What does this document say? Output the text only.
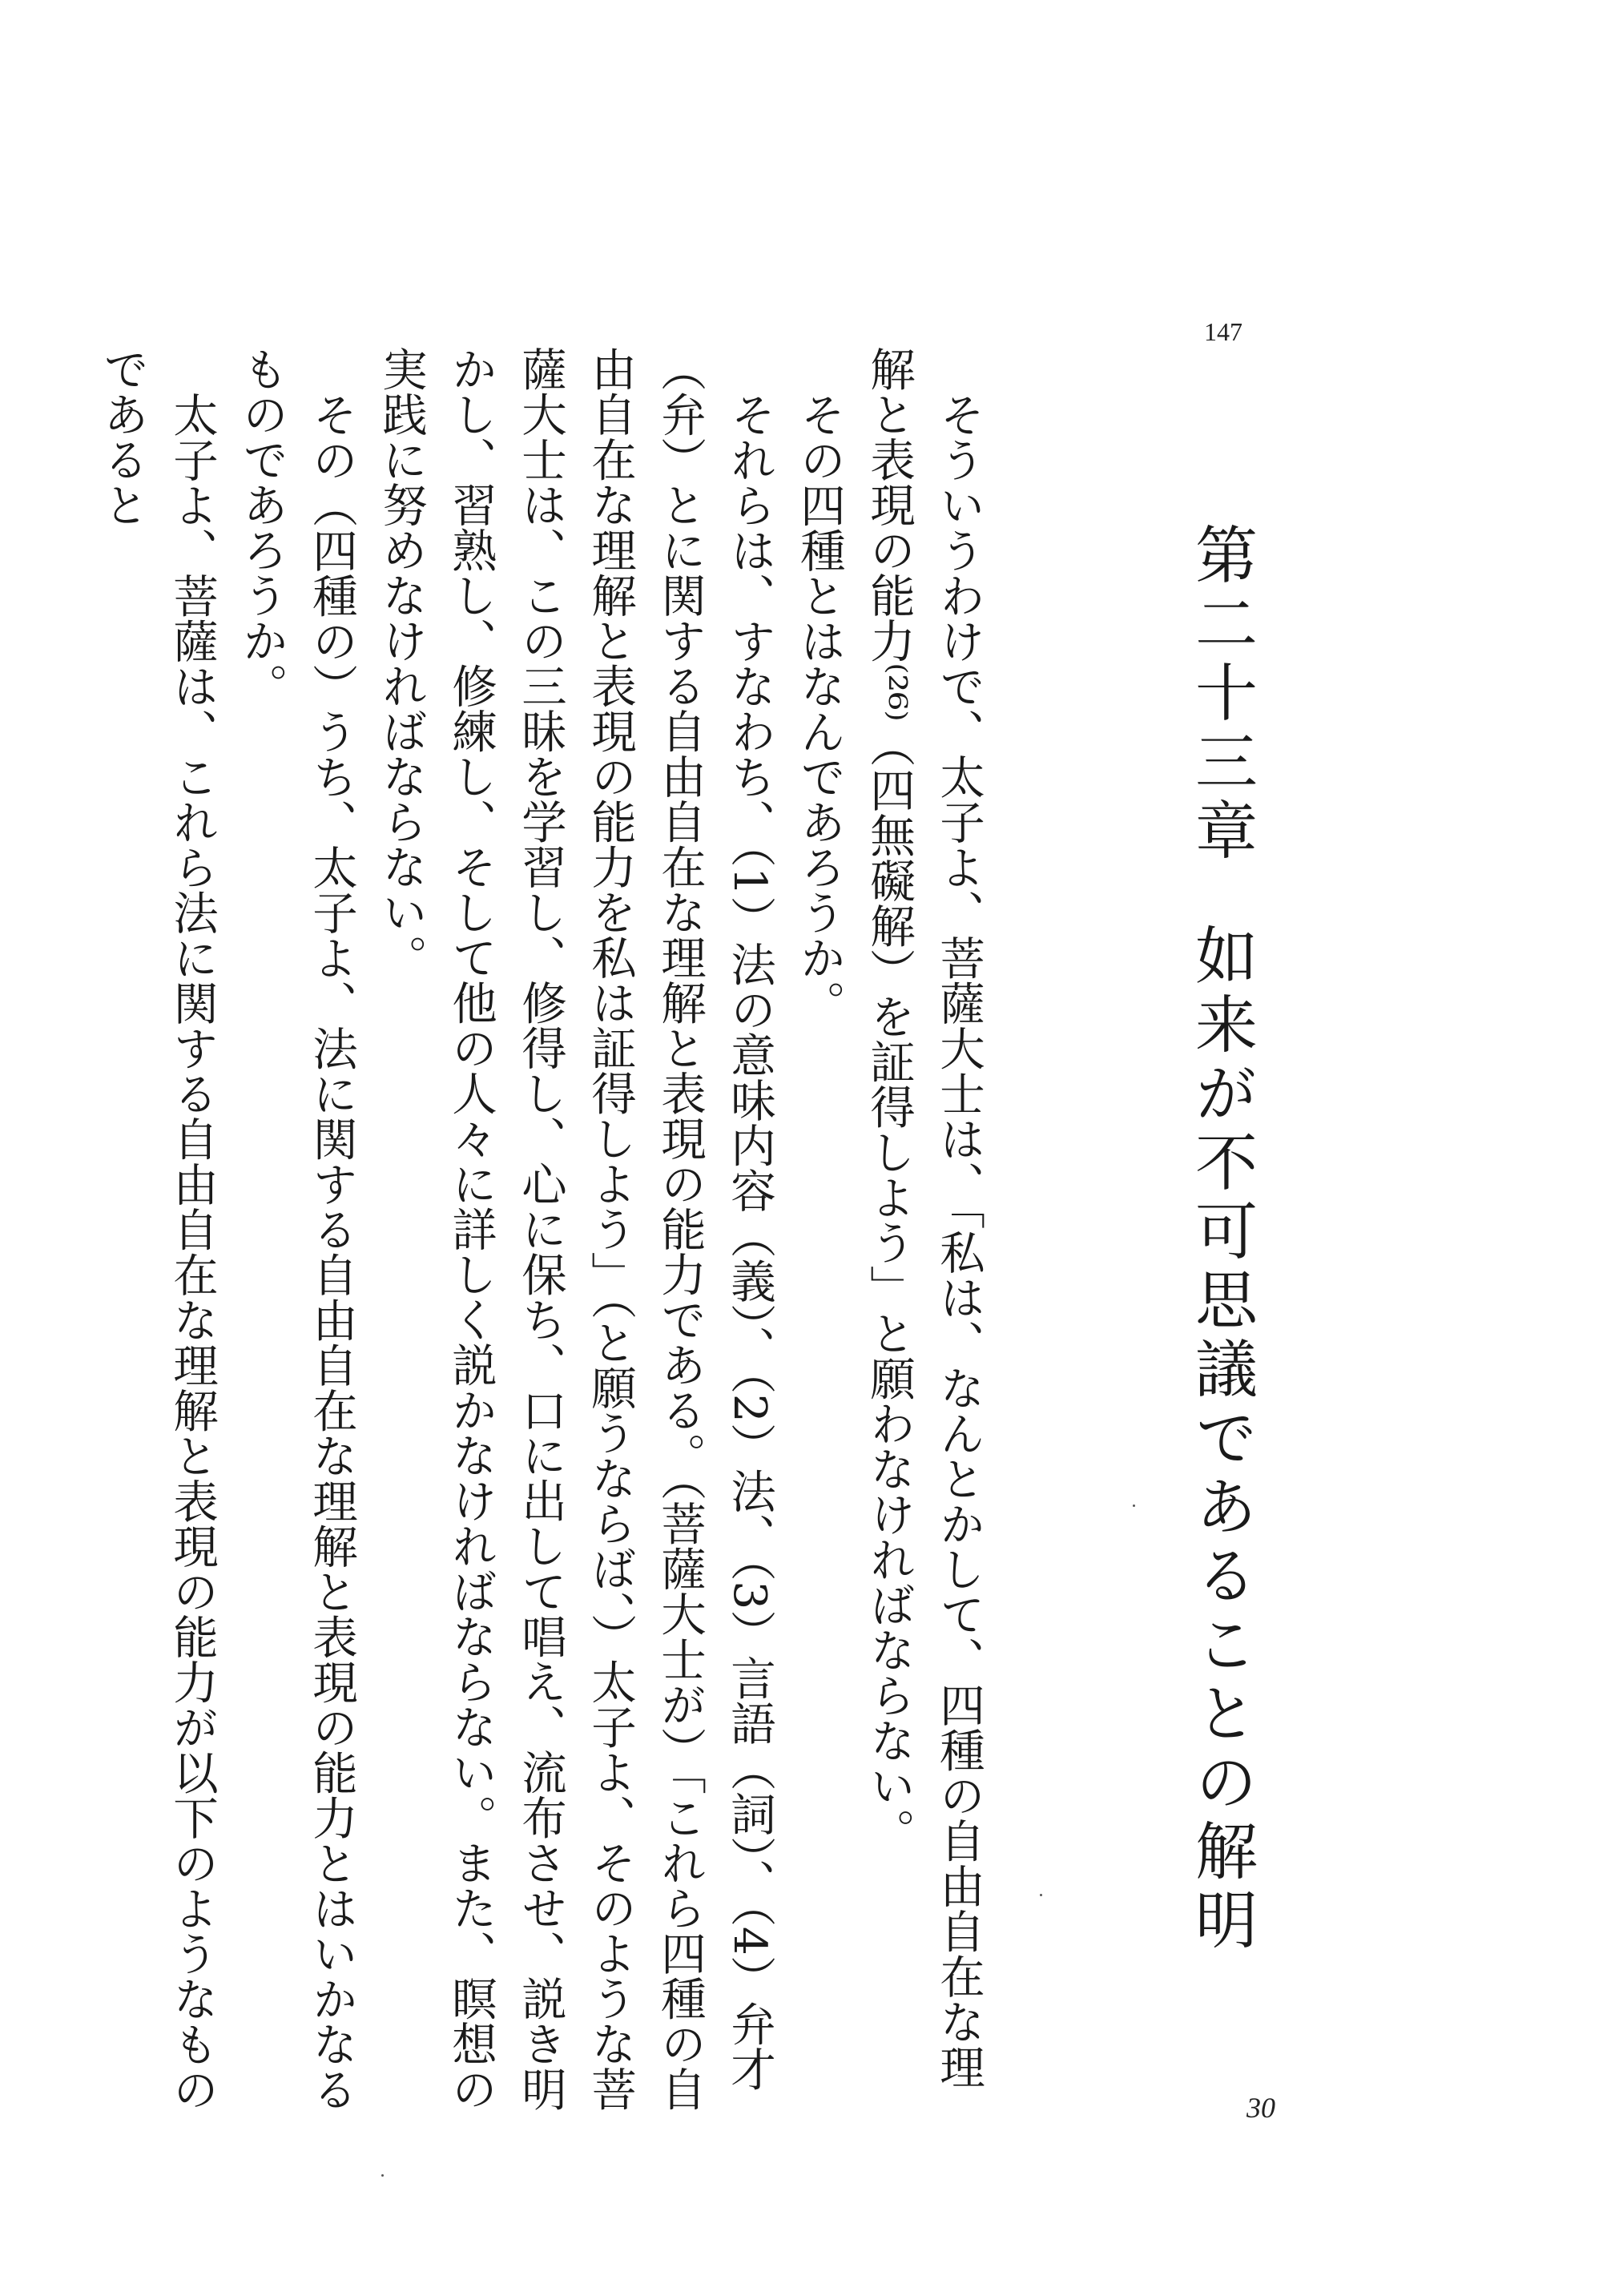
147
第二十三章如来が不可思議であることの解明

そういうわけで、太子よ、菩薩大士は、「私は、なんとかして、四種の自由自在な理解と表現の能力⁽²⁶⁾（四無礙解）を証得しよう」と願わなければならない。

その四種とはなんであろうか。

それらは、すなわち、（1）法の意味内容（義）、（2）法、（3）言語（詞）、（4）弁才（弁）とに関する自由自在な理解と表現の能力である。（菩薩大士が）「これら四種の自由自在な理解と表現の能力を私は証得しよう」（と願うならば、）太子よ、そのような菩薩大士は、この三昧を学習し、修得し、心に保ち、口に出して唱え、流布させ、説き明かし、習熟し、修練し、そして他の人々に詳しく説かなければならない。また、瞑想の実践に努めなければならない。

その（四種の）うち、太子よ、法に関する自由自在な理解と表現の能力とはいかなるものであろうか。

太子よ、菩薩は、これら法に関する自由自在な理解と表現の能力が以下のようなものであると

30
